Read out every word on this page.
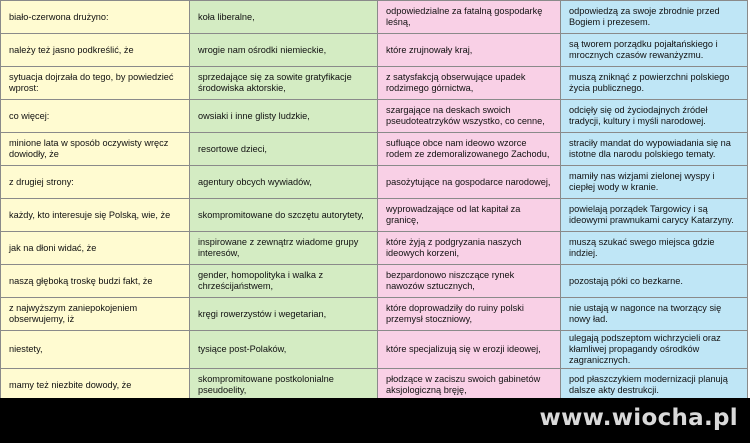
biało-czerwona drużyno:	koła liberalne,	odpowiedzialne za fatalną gospodarkę leśną,	odpowiedzą za swoje zbrodnie przed Bogiem i prezesem.
należy też jasno podkreślić, że	wrogie nam ośrodki niemieckie,	które zrujnowały kraj,	są tworem porządku pojałtańskiego i mrocznych czasów rewanżyzmu.
sytuacja dojrzała do tego, by powiedzieć wprost:	sprzedające się za sowite gratyfikacje środowiska aktorskie,	z satysfakcją obserwujące upadek rodzimego górnictwa,	muszą zniknąć z powierzchni polskiego życia publicznego.
co więcej:	owsiaki i inne glisty ludzkie,	szargające na deskach swoich pseudoteatrzyków wszystko, co cenne,	odcięły się od życiodajnych źródeł tradycji, kultury i myśli narodowej.
minione lata w sposób oczywisty wręcz dowiodły, że	resortowe dzieci,	sufluące obce nam ideowo wzorce rodem ze zdemoralizowanego Zachodu,	straciły mandat do wypowiadania się na istotne dla narodu polskiego tematy.
z drugiej strony:	agentury obcych wywiadów,	pasożytujące na gospodarce narodowej,	mamiły nas wizjami zielonej wyspy i ciepłej wody w kranie.
każdy, kto interesuje się Polską, wie, że	skompromitowane do szczętu autorytety,	wyprowadzające od lat kapitał za granicę,	powielają porządek Targowicy i są ideowymi prawnukami carycy Katarzyny.
jak na dłoni widać, że	inspirowane z zewnątrz wiadome grupy interesów,	które żyją z podgryzania naszych ideowych korzeni,	muszą szukać swego miejsca gdzie indziej.
naszą głęboką troskę budzi fakt, że	gender, homopolityka i walka z chrześcijaństwem,	bezpardonowo niszczące rynek nawozów sztucznych,	pozostają póki co bezkarne.
z najwyższym zaniepokojeniem obserwujemy, iż	kręgi rowerzystów i wegetarian,	które doprowadziły do ruiny polski przemysł stoczniowy,	nie ustają w nagonce na tworzący się nowy ład.
niestety,	tysiące post-Polaków,	które specjalizują się w erozji ideowej,	ulegają podszeptom wichrzycieli oraz kłamliwej propagandy ośrodków zagranicznych.
mamy też niezbite dowody, że	skompromitowane postkolonialne pseudoelity,	płodzące w zaciszu swoich gabinetów aksjologiczną bręję,	pod płaszczykiem modernizacji planują dalsze akty destrukcji.
www.wiocha.pl
